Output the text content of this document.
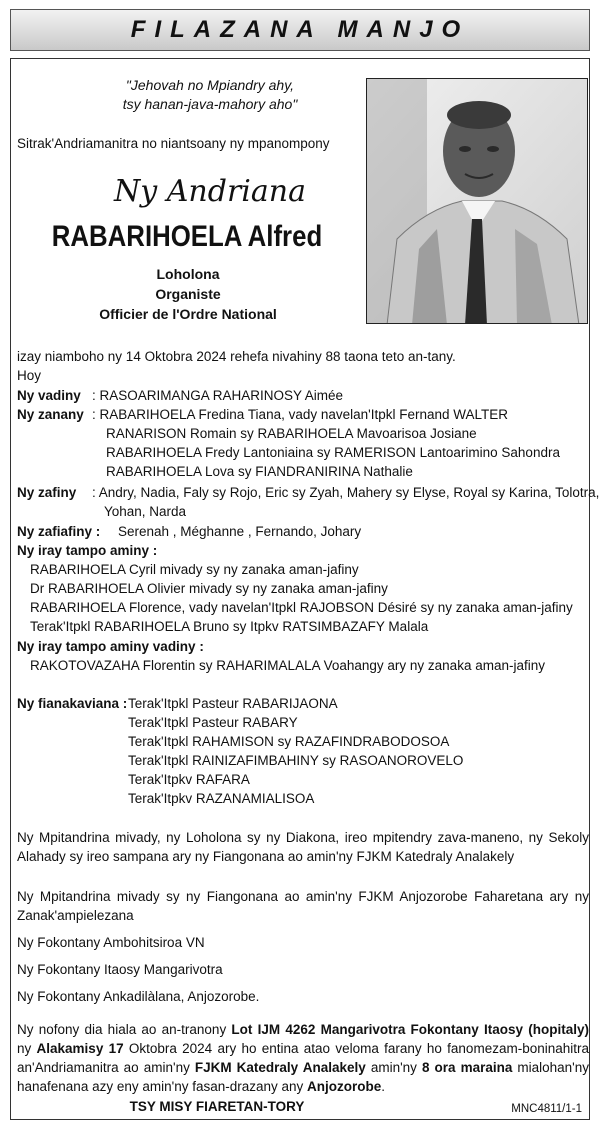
FILAZANA MANJO
"Jehovah no Mpiandry ahy,
tsy hanan-java-mahory aho"
Sitrak'Andriamanitra no niantsoany ny mpanompony
Ny Andriana
RABARIHOELA Alfred
Loholona
Organiste
Officier de l'Ordre National
izay niamboho ny 14 Oktobra 2024 rehefa nivahiny 88 taona teto an-tany.
Hoy
Ny vadiny : RASOARIMANGA RAHARINOSY Aimée
Ny zanany : RABARIHOELA Fredina Tiana, vady navelan'Itpkl Fernand WALTER
RANARISON Romain sy RABARIHOELA Mavoarisoa Josiane
RABARIHOELA Fredy Lantoniaina sy RAMERISON Lantoarimino Sahondra
RABARIHOELA Lova sy FIANDRANIRINA Nathalie
Ny zafiny : Andry, Nadia, Faly sy Rojo, Eric sy Zyah, Mahery sy Elyse, Royal sy Karina, Tolotra,
Yohan, Narda
Ny zafiafiny : Serenah , Méghanne , Fernando, Johary
Ny iray tampo aminy :
RABARIHOELA Cyril mivady sy ny zanaka aman-jafiny
Dr RABARIHOELA Olivier mivady sy ny zanaka aman-jafiny
RABARIHOELA Florence, vady navelan'Itpkl RAJOBSON Désiré sy ny zanaka aman-jafiny
Terak'Itpkl RABARIHOELA Bruno sy Itpkv RATSIMBAZAFY Malala
Ny iray tampo aminy vadiny :
RAKOTOVAZAHA Florentin sy RAHARIMALALA Voahangy ary ny zanaka aman-jafiny
Ny fianakaviana : Terak'Itpkl Pasteur RABARIJAONA
Terak'Itpkl Pasteur RABARY
Terak'Itpkl RAHAMISON sy RAZAFINDRABODOSOA
Terak'Itpkl RAINIZAFIMBAHINY sy RASOANOROVELO
Terak'Itpkv RAFARA
Terak'Itpkv RAZANAMIALISOA
Ny Mpitandrina mivady, ny Loholona sy ny Diakona, ireo mpitendry zava-maneno, ny Sekoly Alahady sy ireo sampana ary ny Fiangonana ao amin'ny FJKM Katedraly Analakely
Ny Mpitandrina mivady sy ny Fiangonana ao amin'ny FJKM Anjozorobe Faharetana ary ny Zanak'ampielezana
Ny Fokontany Ambohitsiroa VN
Ny Fokontany Itaosy Mangarivotra
Ny Fokontany Ankadilàlana, Anjozorobe.
Ny nofony dia hiala ao an-tranony Lot IJM 4262 Mangarivotra Fokontany Itaosy (hopitaly) ny Alakamisy 17 Oktobra 2024 ary ho entina atao veloma farany ho fanomezam-boninahitra an'Andriamanitra ao amin'ny FJKM Katedraly Analakely amin'ny 8 ora maraina mialohan'ny hanafenana azy eny amin'ny fasan-drazany any Anjozorobe.
TSY MISY FIARETAN-TORY	MNC4811/1-1
